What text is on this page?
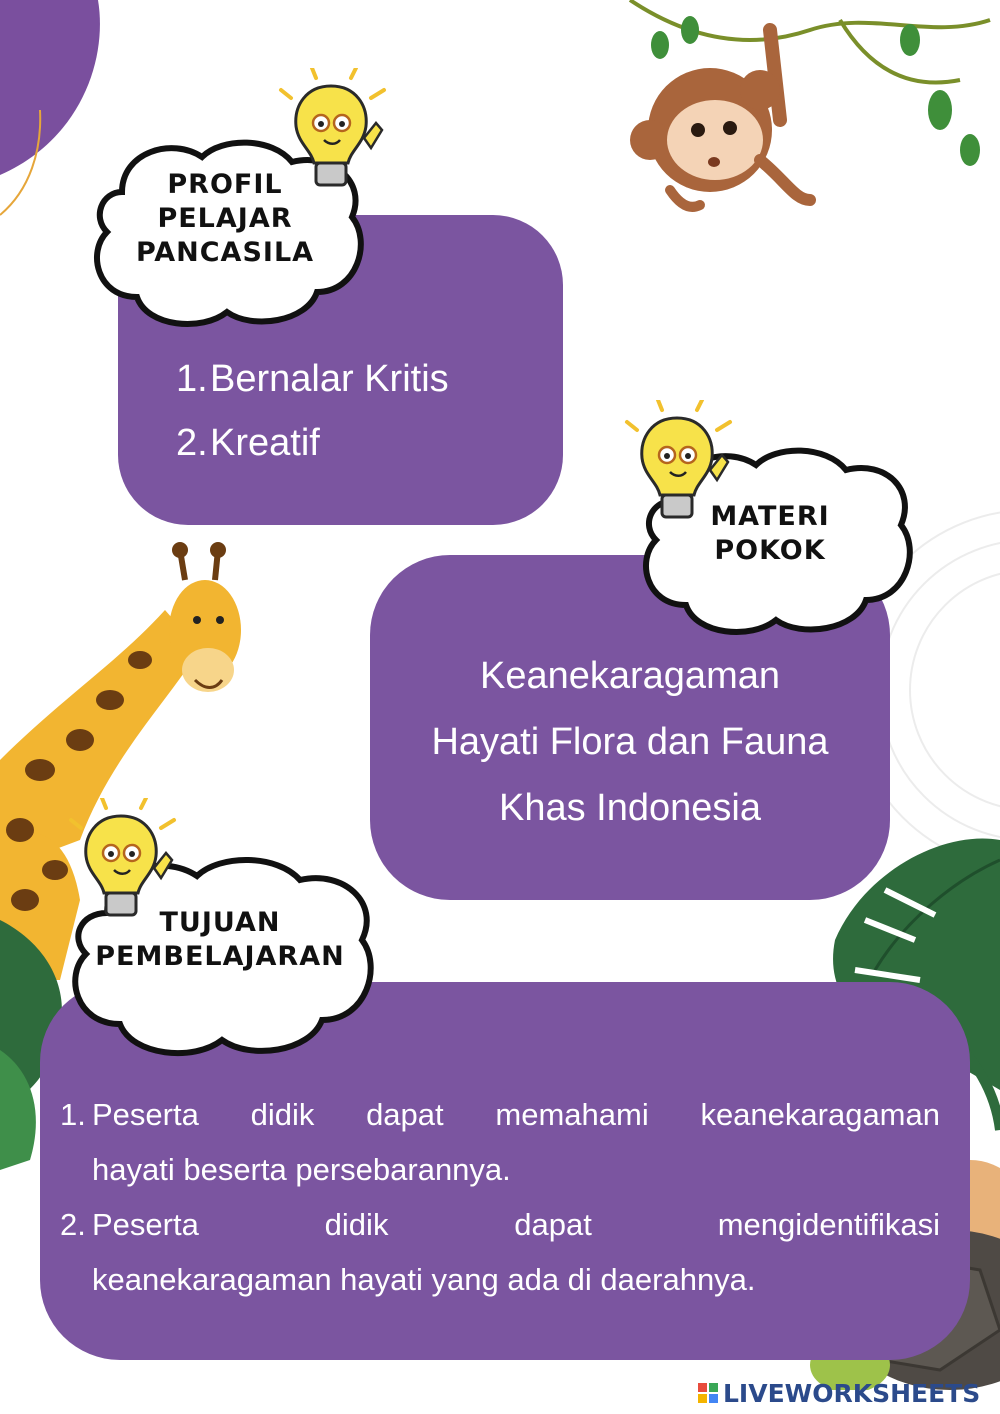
1. Bernalar Kritis
2. Kreatif
PROFIL
PELAJAR
PANCASILA
Keanekaragaman
Hayati Flora dan Fauna
Khas Indonesia
MATERI
POKOK
1. Peserta didik dapat memahami keanekaragaman
hayati beserta persebarannya.
2. Peserta didik dapat mengidentifikasi
keanekaragaman hayati yang ada di daerahnya.
TUJUAN
PEMBELAJARAN
LIVEWORKSHEETS
